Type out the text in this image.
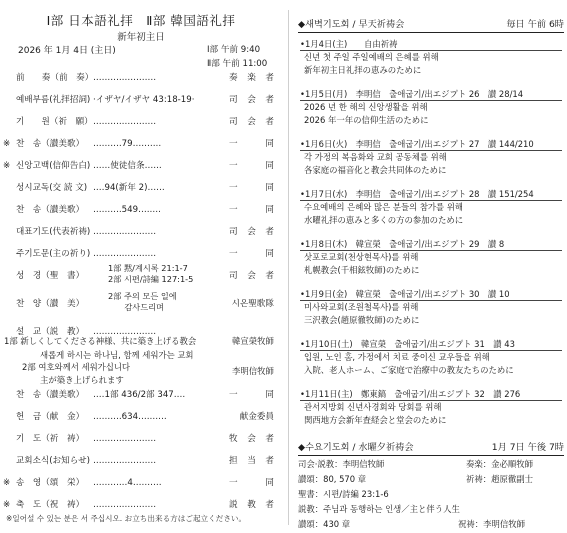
Ⅰ部 日本語礼拝　Ⅱ部 韓国語礼拝
新年初主日
2026 年 1月 4日 (主日)	Ⅰ部 午前 9:40
Ⅱ部 午前 11:00
前　　奏（前　奏） ‥‥‥‥‥‥‥‥‥‥‥	奏楽者
예배부름(礼拝招詞) ·イザヤ/イザヤ 43:18-19·	司会者
기　　원（祈　願） ‥‥‥‥‥‥‥‥‥‥‥	司会者
※ 찬　송（讃美歌） ‥‥‥‥‥79‥‥‥‥‥	一　同
※ 신앙고백(信仰告白) ‥‥‥使徒信条‥‥‥	一　同
성시교독(交 読 文) ‥‥94(新年 2)‥‥‥	一　同
찬　송（讃美歌） ‥‥‥‥‥549‥‥‥‥	一　同
대표기도(代表祈祷) ‥‥‥‥‥‥‥‥‥‥‥	司会者
주기도문(主の祈り) ‥‥‥‥‥‥‥‥‥‥‥	一　同
성　경（聖　書）
1部 黙/계시록 21:1-7
2部 시편/詩編 127:1-5	司会者
찬　양（讃　美）
2部 주의 모든 일에
　　감사드리며	시온聖歌隊
설　교（説　教） ‥‥‥‥‥‥‥‥‥‥‥
1部 新しくしてくださる神様、共に築き上げる教会	韓宣榮牧師
새롭게 하시는 하나님, 함께 세워가는 교회
2部 여호와께서 세워가십니다	李明信牧師
主が築き上げられます
찬　송（讃美歌） ‥‥1部 436/2部 347‥‥	一　同
헌　금（献　金） ‥‥‥‥‥634‥‥‥‥‥	献金委員
기　도（祈　祷） ‥‥‥‥‥‥‥‥‥‥‥	牧会者
교회소식(お知らせ) ‥‥‥‥‥‥‥‥‥‥‥	担当者
※ 송　영（頌　栄） ‥‥‥‥‥‥4‥‥‥‥‥	一　同
※ 축　도（祝　祷） ‥‥‥‥‥‥‥‥‥‥‥	説教者
※일어설 수 있는 분은 서 주십시오. お立ち出来る方はご起立ください。
◆새벽기도회 / 早天祈祷会	毎日 午前 6時
•1月4日(主)　　自由祈祷
신년 첫 주일 주일예배의 은혜를 위해
新年初主日礼拝の恵みのために
•1月5日(月)　李明信　출애굽기/出エジプト 26　讃 28/14
2026 년 한 해의 신앙생활을 위해
2026 年一年の信仰生活のために
•1月6日(火)　李明信　출애굽기/出エジプト 27　讃 144/210
각 가정의 복음화와 교회 공동체를 위해
各家庭の福音化と教会共同体のために
•1月7日(水)　李明信　출애굽기/出エジプト 28　讃 151/254
수요예배의 은혜와 많은 분들의 참가를 위해
水曜礼拝の恵みと多くの方の参加のために
•1月8日(木)　韓宣榮　출애굽기/出エジプト 29　讃 8
삿포로교회(천상현목사)를 위해
札幌教会(千相鉉牧師)のために
•1月9日(金)　韓宣榮　출애굽기/出エジプト 30　讃 10
미사와교회(조원철목사)를 위해
三沢教会(趙原徹牧師)のために
•1月10日(土)　韓宣榮　출애굽기/出エジプト 31　讃 43
입원, 노인 홈, 가정에서 치료 중이신 교우들을 위해
入院、老人ホーム、ご家庭で治療中の教友たちのために
•1月11日(主)　鄭東鎬　출애굽기/出エジプト 32　讃 276
관서지방회 신년사경회와 당회를 위해
関西地方会新年査経会と堂会のために
◆수요기도회 / 水曜夕祈祷会	1月 7日 午後 7時
司会·説教：李明信牧師	奏楽：金必順牧師
讃頌：80, 570 章	祈祷：趙原徹副士
聖書：시편/詩編 23:1-6
説教：주님과 동행하는 인생／主と伴う人生
讃頌：430 章	祝祷：李明信牧師
